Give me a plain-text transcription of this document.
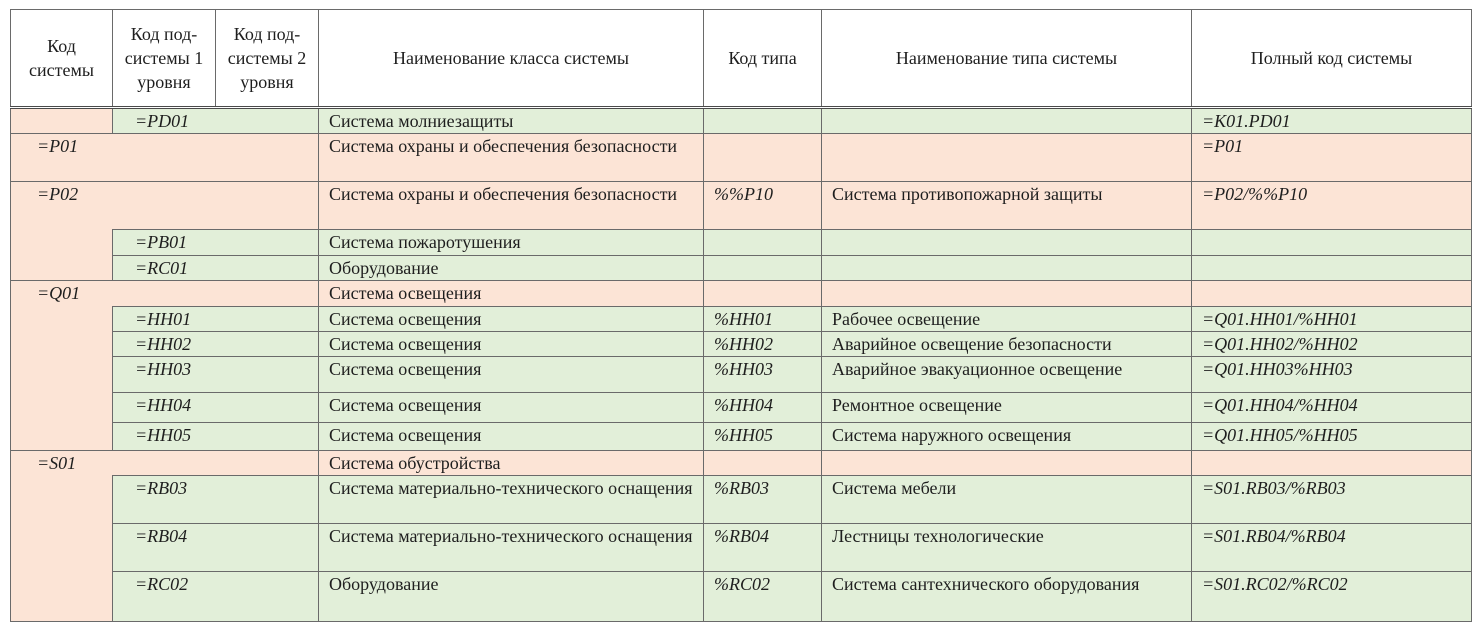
Код системы	Код под-системы 1 уровня	Код под-системы 2 уровня	Наименование класса системы	Код типа	Наименование типа системы	Полный код системы
	=PD01		Система молниезащиты			=K01.PD01
=P01			Система охраны и обеспечения безопасности			=P01
=P02			Система охраны и обеспечения безопасности	%%P10	Система противопожарной защиты	=P02/%%P10
	=PB01		Система пожаротушения			
	=RC01		Оборудование			
=Q01			Система освещения			
	=HH01		Система освещения	%HH01	Рабочее освещение	=Q01.HH01/%HH01
	=HH02		Система освещения	%HH02	Аварийное освещение безопасности	=Q01.HH02/%HH02
	=HH03		Система освещения	%HH03	Аварийное эвакуационное освещение	=Q01.HH03%HH03
	=HH04		Система освещения	%HH04	Ремонтное освещение	=Q01.HH04/%HH04
	=HH05		Система освещения	%HH05	Система наружного освещения	=Q01.HH05/%HH05
=S01			Система обустройства			
	=RB03		Система материально-технического оснащения	%RB03	Система мебели	=S01.RB03/%RB03
	=RB04		Система материально-технического оснащения	%RB04	Лестницы технологические	=S01.RB04/%RB04
	=RC02		Оборудование	%RC02	Система сантехнического оборудования	=S01.RC02/%RC02
